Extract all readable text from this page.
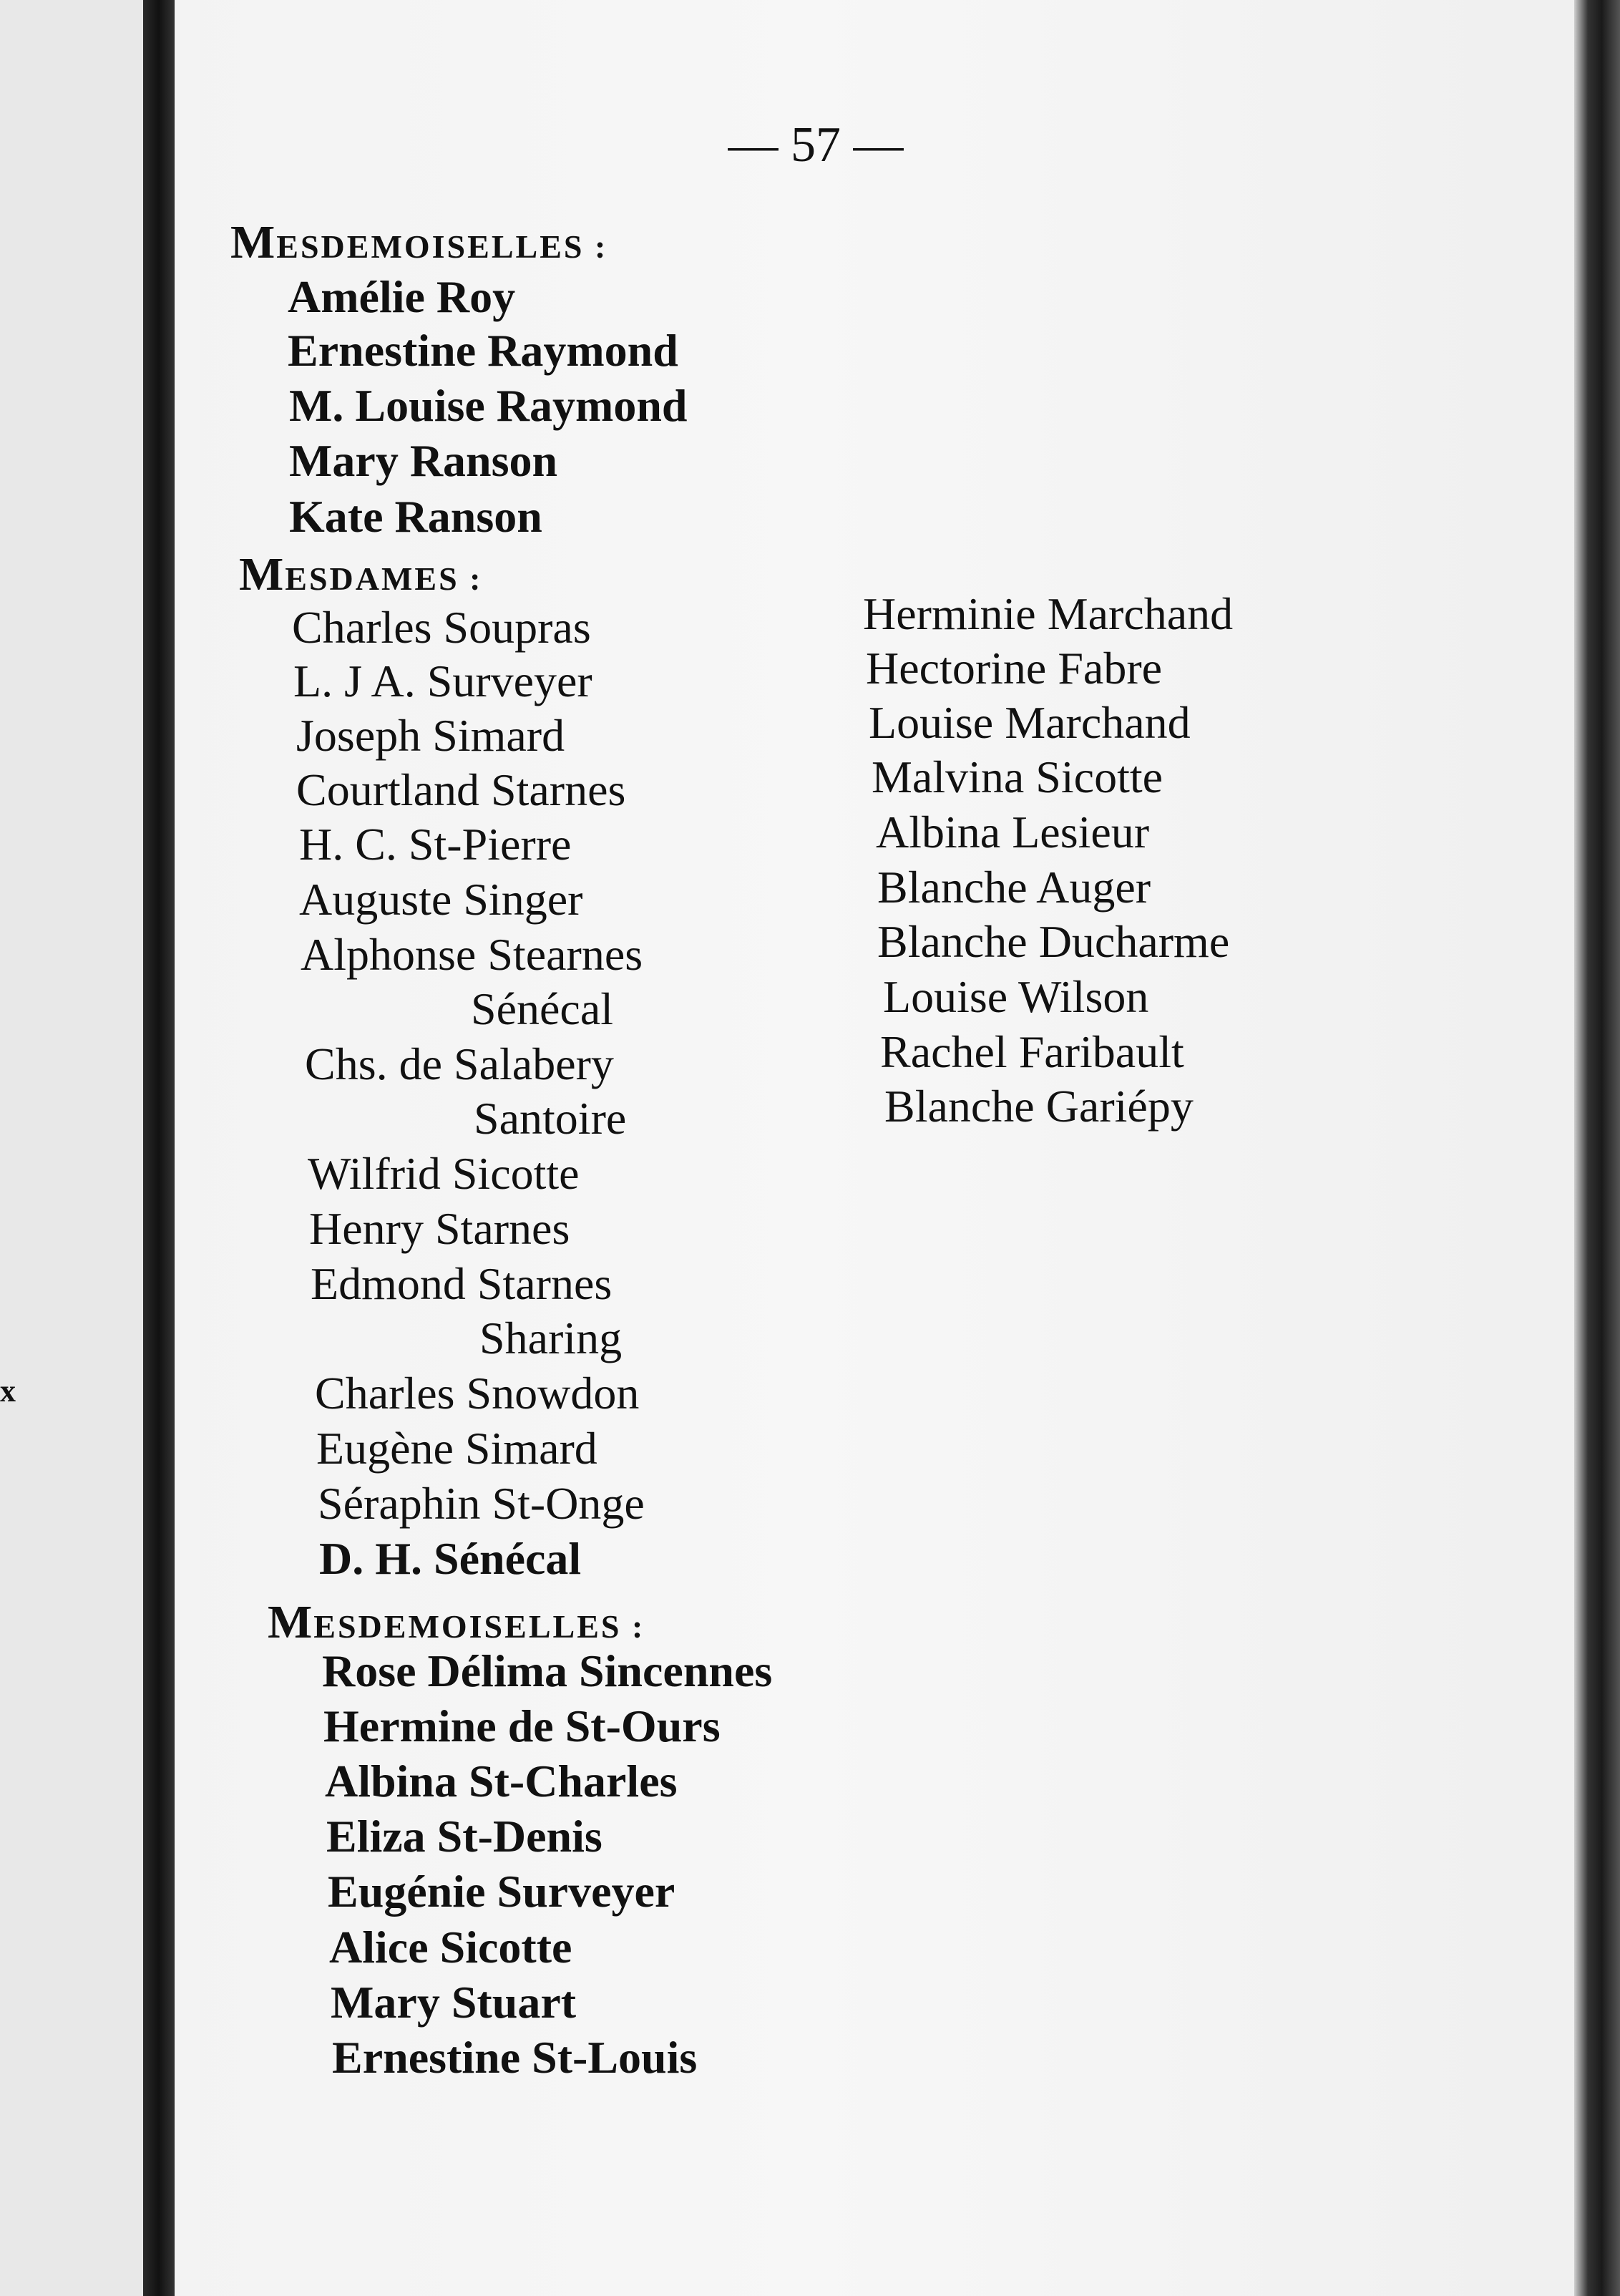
x
— 57 —
MESDEMOISELLES :
Amélie Roy
Ernestine Raymond
M. Louise Raymond
Mary Ranson
Kate Ranson
MESDAMES :
Charles Soupras
L. J A. Surveyer
Joseph Simard
Courtland Starnes
H. C. St-Pierre
Auguste Singer
Alphonse Stearnes
Sénécal
Chs. de Salabery
Santoire
Wilfrid Sicotte
Henry Starnes
Edmond Starnes
Sharing
Charles Snowdon
Eugène Simard
Séraphin St-Onge
D. H. Sénécal
MESDEMOISELLES :
Rose Délima Sincennes
Hermine de St-Ours
Albina St-Charles
Eliza St-Denis
Eugénie Surveyer
Alice Sicotte
Mary Stuart
Ernestine St-Louis
Herminie Marchand
Hectorine Fabre
Louise Marchand
Malvina Sicotte
Albina Lesieur
Blanche Auger
Blanche Ducharme
Louise Wilson
Rachel Faribault
Blanche Gariépy
